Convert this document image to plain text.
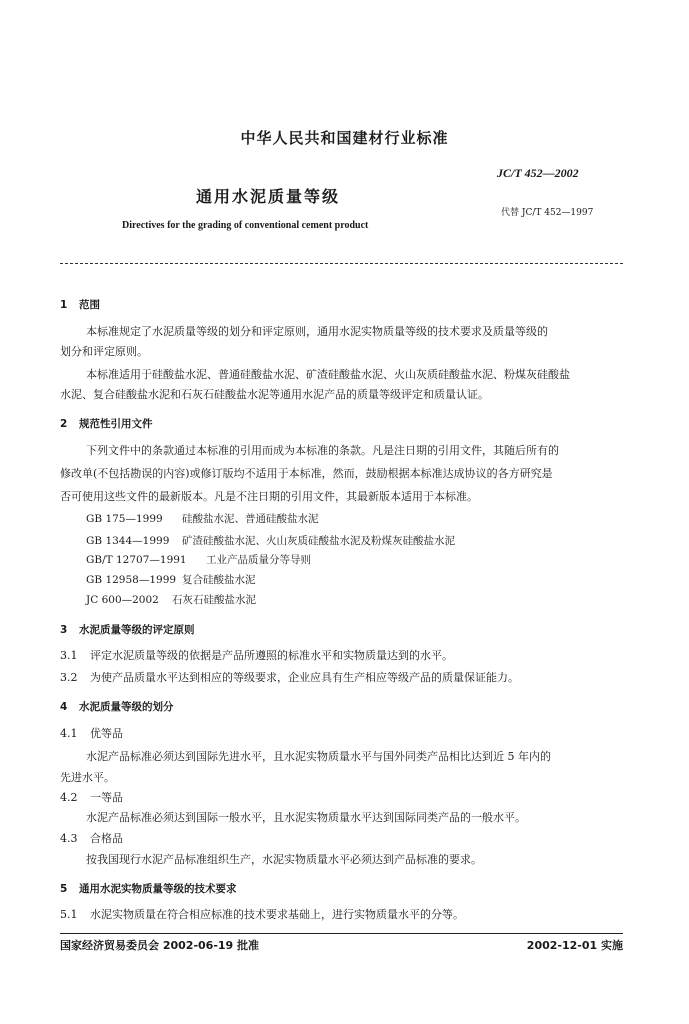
中华人民共和国建材行业标准
JC/T 452—2002
通用水泥质量等级
代替 JC/T 452—1997
Directives for the grading of conventional cement product
1 范围
本标准规定了水泥质量等级的划分和评定原则，通用水泥实物质量等级的技术要求及质量等级的
划分和评定原则。
本标准适用于硅酸盐水泥、普通硅酸盐水泥、矿渣硅酸盐水泥、火山灰质硅酸盐水泥、粉煤灰硅酸盐
水泥、复合硅酸盐水泥和石灰石硅酸盐水泥等通用水泥产品的质量等级评定和质量认证。
2 规范性引用文件
下列文件中的条款通过本标准的引用而成为本标准的条款。凡是注日期的引用文件，其随后所有的
修改单(不包括勘误的内容)或修订版均不适用于本标准，然而，鼓励根据本标准达成协议的各方研究是
否可使用这些文件的最新版本。凡是不注日期的引用文件，其最新版本适用于本标准。
GB 175—1999 硅酸盐水泥、普通硅酸盐水泥
GB 1344—1999 矿渣硅酸盐水泥、火山灰质硅酸盐水泥及粉煤灰硅酸盐水泥
GB/T 12707—1991 工业产品质量分等导则
GB 12958—1999 复合硅酸盐水泥
JC 600—2002 石灰石硅酸盐水泥
3 水泥质量等级的评定原则
3.1 评定水泥质量等级的依据是产品所遵照的标准水平和实物质量达到的水平。
3.2 为使产品质量水平达到相应的等级要求，企业应具有生产相应等级产品的质量保证能力。
4 水泥质量等级的划分
4.1 优等品
水泥产品标准必须达到国际先进水平，且水泥实物质量水平与国外同类产品相比达到近 5 年内的
先进水平。
4.2 一等品
水泥产品标准必须达到国际一般水平，且水泥实物质量水平达到国际同类产品的一般水平。
4.3 合格品
按我国现行水泥产品标准组织生产，水泥实物质量水平必须达到产品标准的要求。
5 通用水泥实物质量等级的技术要求
5.1 水泥实物质量在符合相应标准的技术要求基础上，进行实物质量水平的分等。
国家经济贸易委员会 2002-06-19 批准	2002-12-01 实施
